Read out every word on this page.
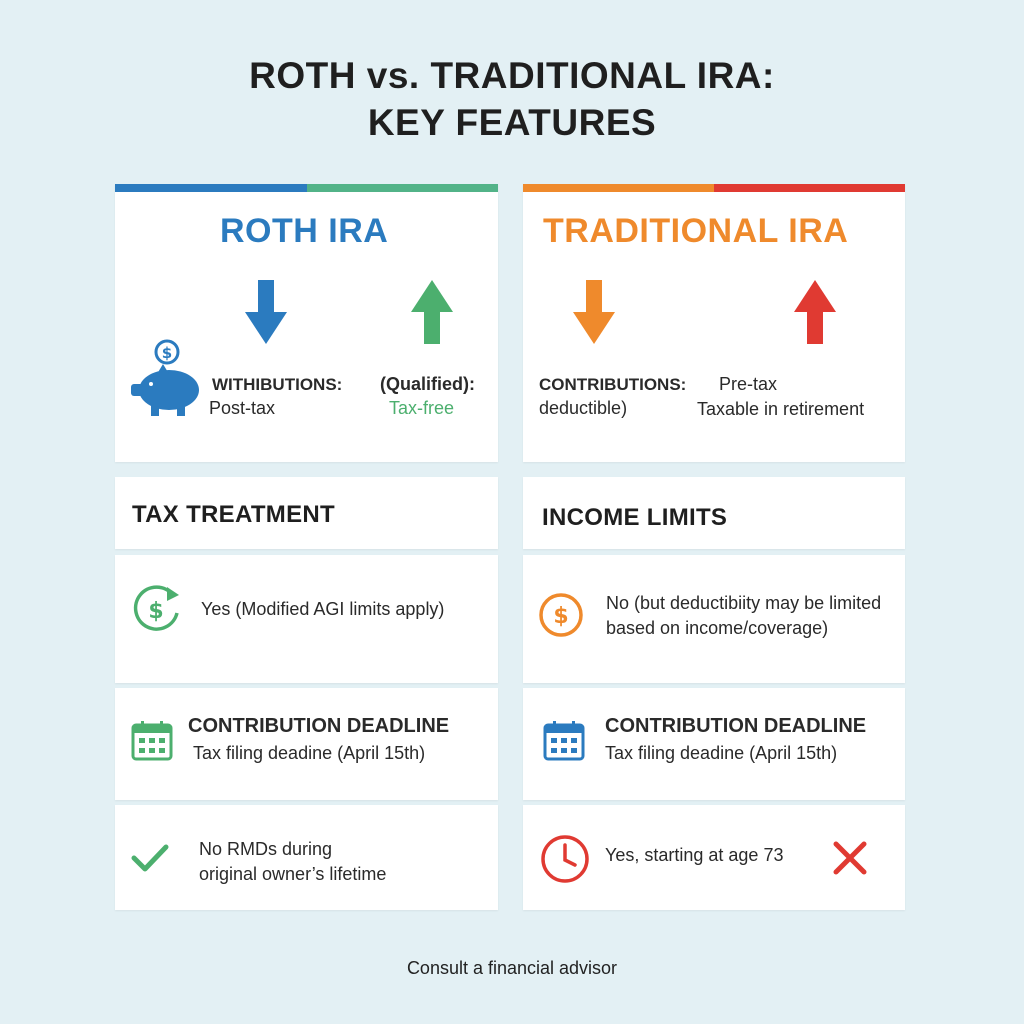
ROTH vs. TRADITIONAL IRA:
KEY FEATURES
ROTH IRA
$
WITHIBUTIONS:
Post-tax
(Qualified):
Tax-free
TRADITIONAL IRA
CONTRIBUTIONS: Pre-tax
deductible)	Taxable in retirement
TAX TREATMENT	INCOME LIMITS
$ Yes (Modified AGI limits apply)	$
No (but deductibiity may be limited
based on income/coverage)
CONTRIBUTION DEADLINE
Tax filing deadine (April 15th)
CONTRIBUTION DEADLINE
Tax filing deadine (April 15th)
No RMDs during
original owner’s lifetime
Yes, starting at age 73
Consult a financial advisor
